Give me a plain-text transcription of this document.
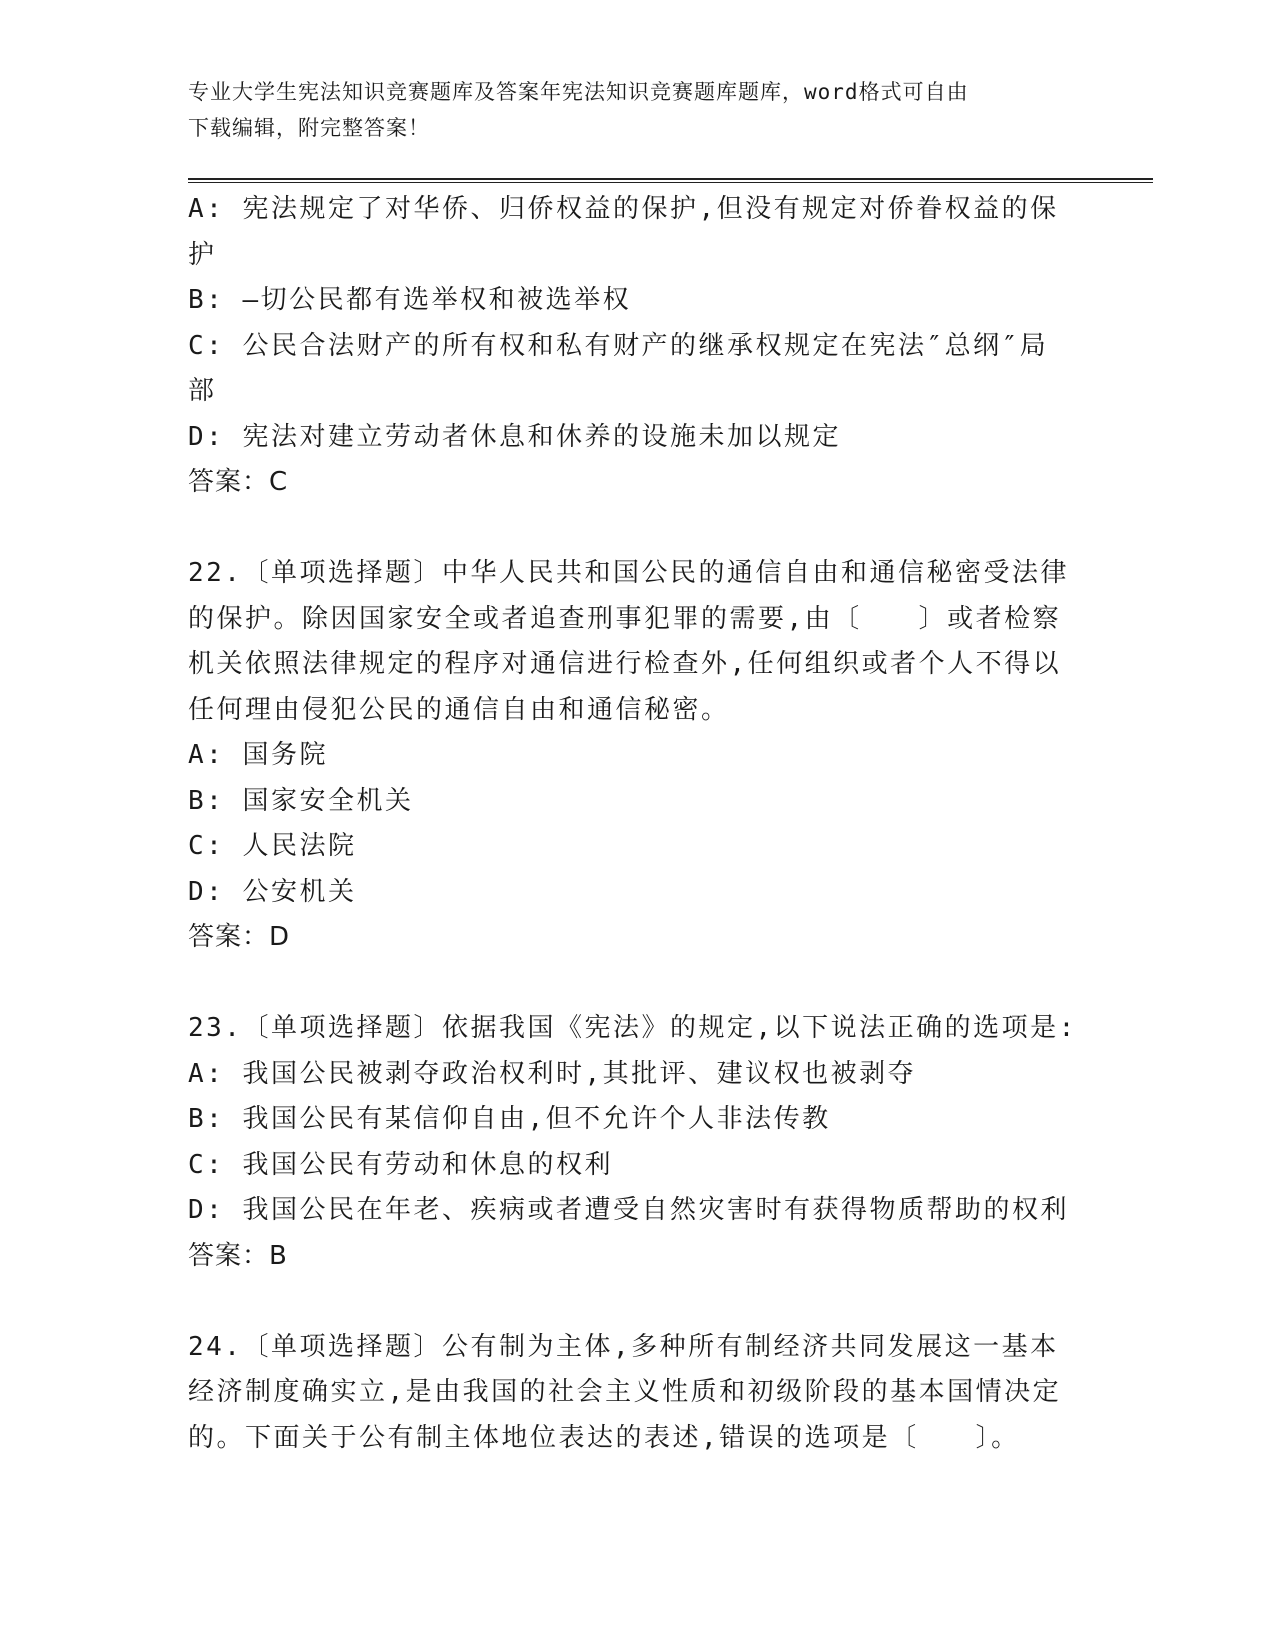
专业大学生宪法知识竞赛题库及答案年宪法知识竞赛题库题库，word格式可自由
下载编辑，附完整答案！
A: 宪法规定了对华侨、归侨权益的保护,但没有规定对侨眷权益的保
护
B: —切公民都有选举权和被选举权
C: 公民合法财产的所有权和私有财产的继承权规定在宪法″总纲″局
部
D: 宪法对建立劳动者休息和休养的设施未加以规定
答案：C
22.〔单项选择题〕中华人民共和国公民的通信自由和通信秘密受法律
的保护。除因国家安全或者追查刑事犯罪的需要,由〔　　〕或者检察
机关依照法律规定的程序对通信进行检查外,任何组织或者个人不得以
任何理由侵犯公民的通信自由和通信秘密。
A: 国务院
B: 国家安全机关
C: 人民法院
D: 公安机关
答案：D
23.〔单项选择题〕依据我国《宪法》的规定,以下说法正确的选项是:
A: 我国公民被剥夺政治权利时,其批评、建议权也被剥夺
B: 我国公民有某信仰自由,但不允许个人非法传教
C: 我国公民有劳动和休息的权利
D: 我国公民在年老、疾病或者遭受自然灾害时有获得物质帮助的权利
答案：B
24.〔单项选择题〕公有制为主体,多种所有制经济共同发展这一基本
经济制度确实立,是由我国的社会主义性质和初级阶段的基本国情决定
的。下面关于公有制主体地位表达的表述,错误的选项是〔　　〕。
